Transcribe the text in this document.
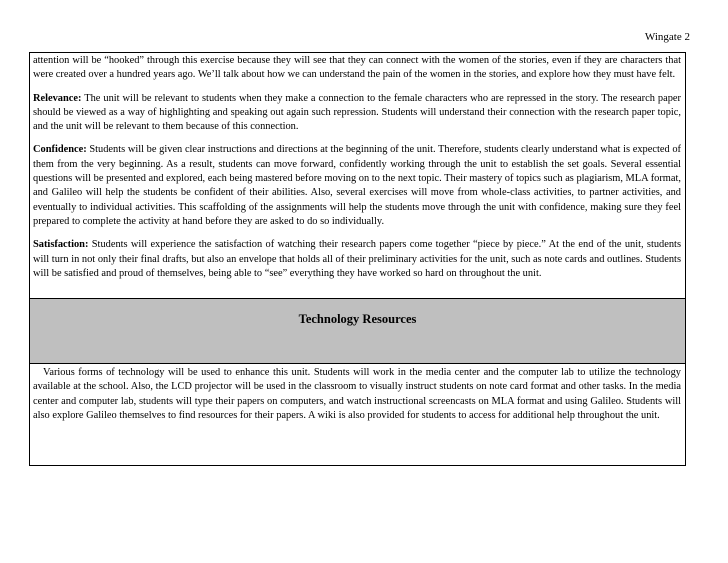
Wingate 2

attention will be “hooked” through this exercise because they will see that they can connect with the women of the stories, even if they are characters that were created over a hundred years ago. We’ll talk about how we can understand the pain of the women in the stories, and explore how they must have felt.

Relevance: The unit will be relevant to students when they make a connection to the female characters who are repressed in the story. The research paper should be viewed as a way of highlighting and speaking out again such repression. Students will understand their connection with the research paper topic, and the unit will be relevant to them because of this connection.

Confidence: Students will be given clear instructions and directions at the beginning of the unit. Therefore, students clearly understand what is expected of them from the very beginning. As a result, students can move forward, confidently working through the unit to establish the set goals. Several essential questions will be presented and explored, each being mastered before moving on to the next topic. Their mastery of topics such as plagiarism, MLA format, and Galileo will help the students be confident of their abilities. Also, several exercises will move from whole-class activities, to partner activities, and eventually to individual activities. This scaffolding of the assignments will help the students move through the unit with confidence, making sure they feel prepared to complete the activity at hand before they are asked to do so individually.

Satisfaction: Students will experience the satisfaction of watching their research papers come together “piece by piece.” At the end of the unit, students will turn in not only their final drafts, but also an envelope that holds all of their preliminary activities for the unit, such as note cards and outlines. Students will be satisfied and proud of themselves, being able to “see” everything they have worked so hard on throughout the unit.

Technology Resources

Various forms of technology will be used to enhance this unit. Students will work in the media center and the computer lab to utilize the technology available at the school. Also, the LCD projector will be used in the classroom to visually instruct students on note card format and other tasks. In the media center and computer lab, students will type their papers on computers, and watch instructional screencasts on MLA format and using Galileo. Students will also explore Galileo themselves to find resources for their papers. A wiki is also provided for students to access for additional help throughout the unit.
